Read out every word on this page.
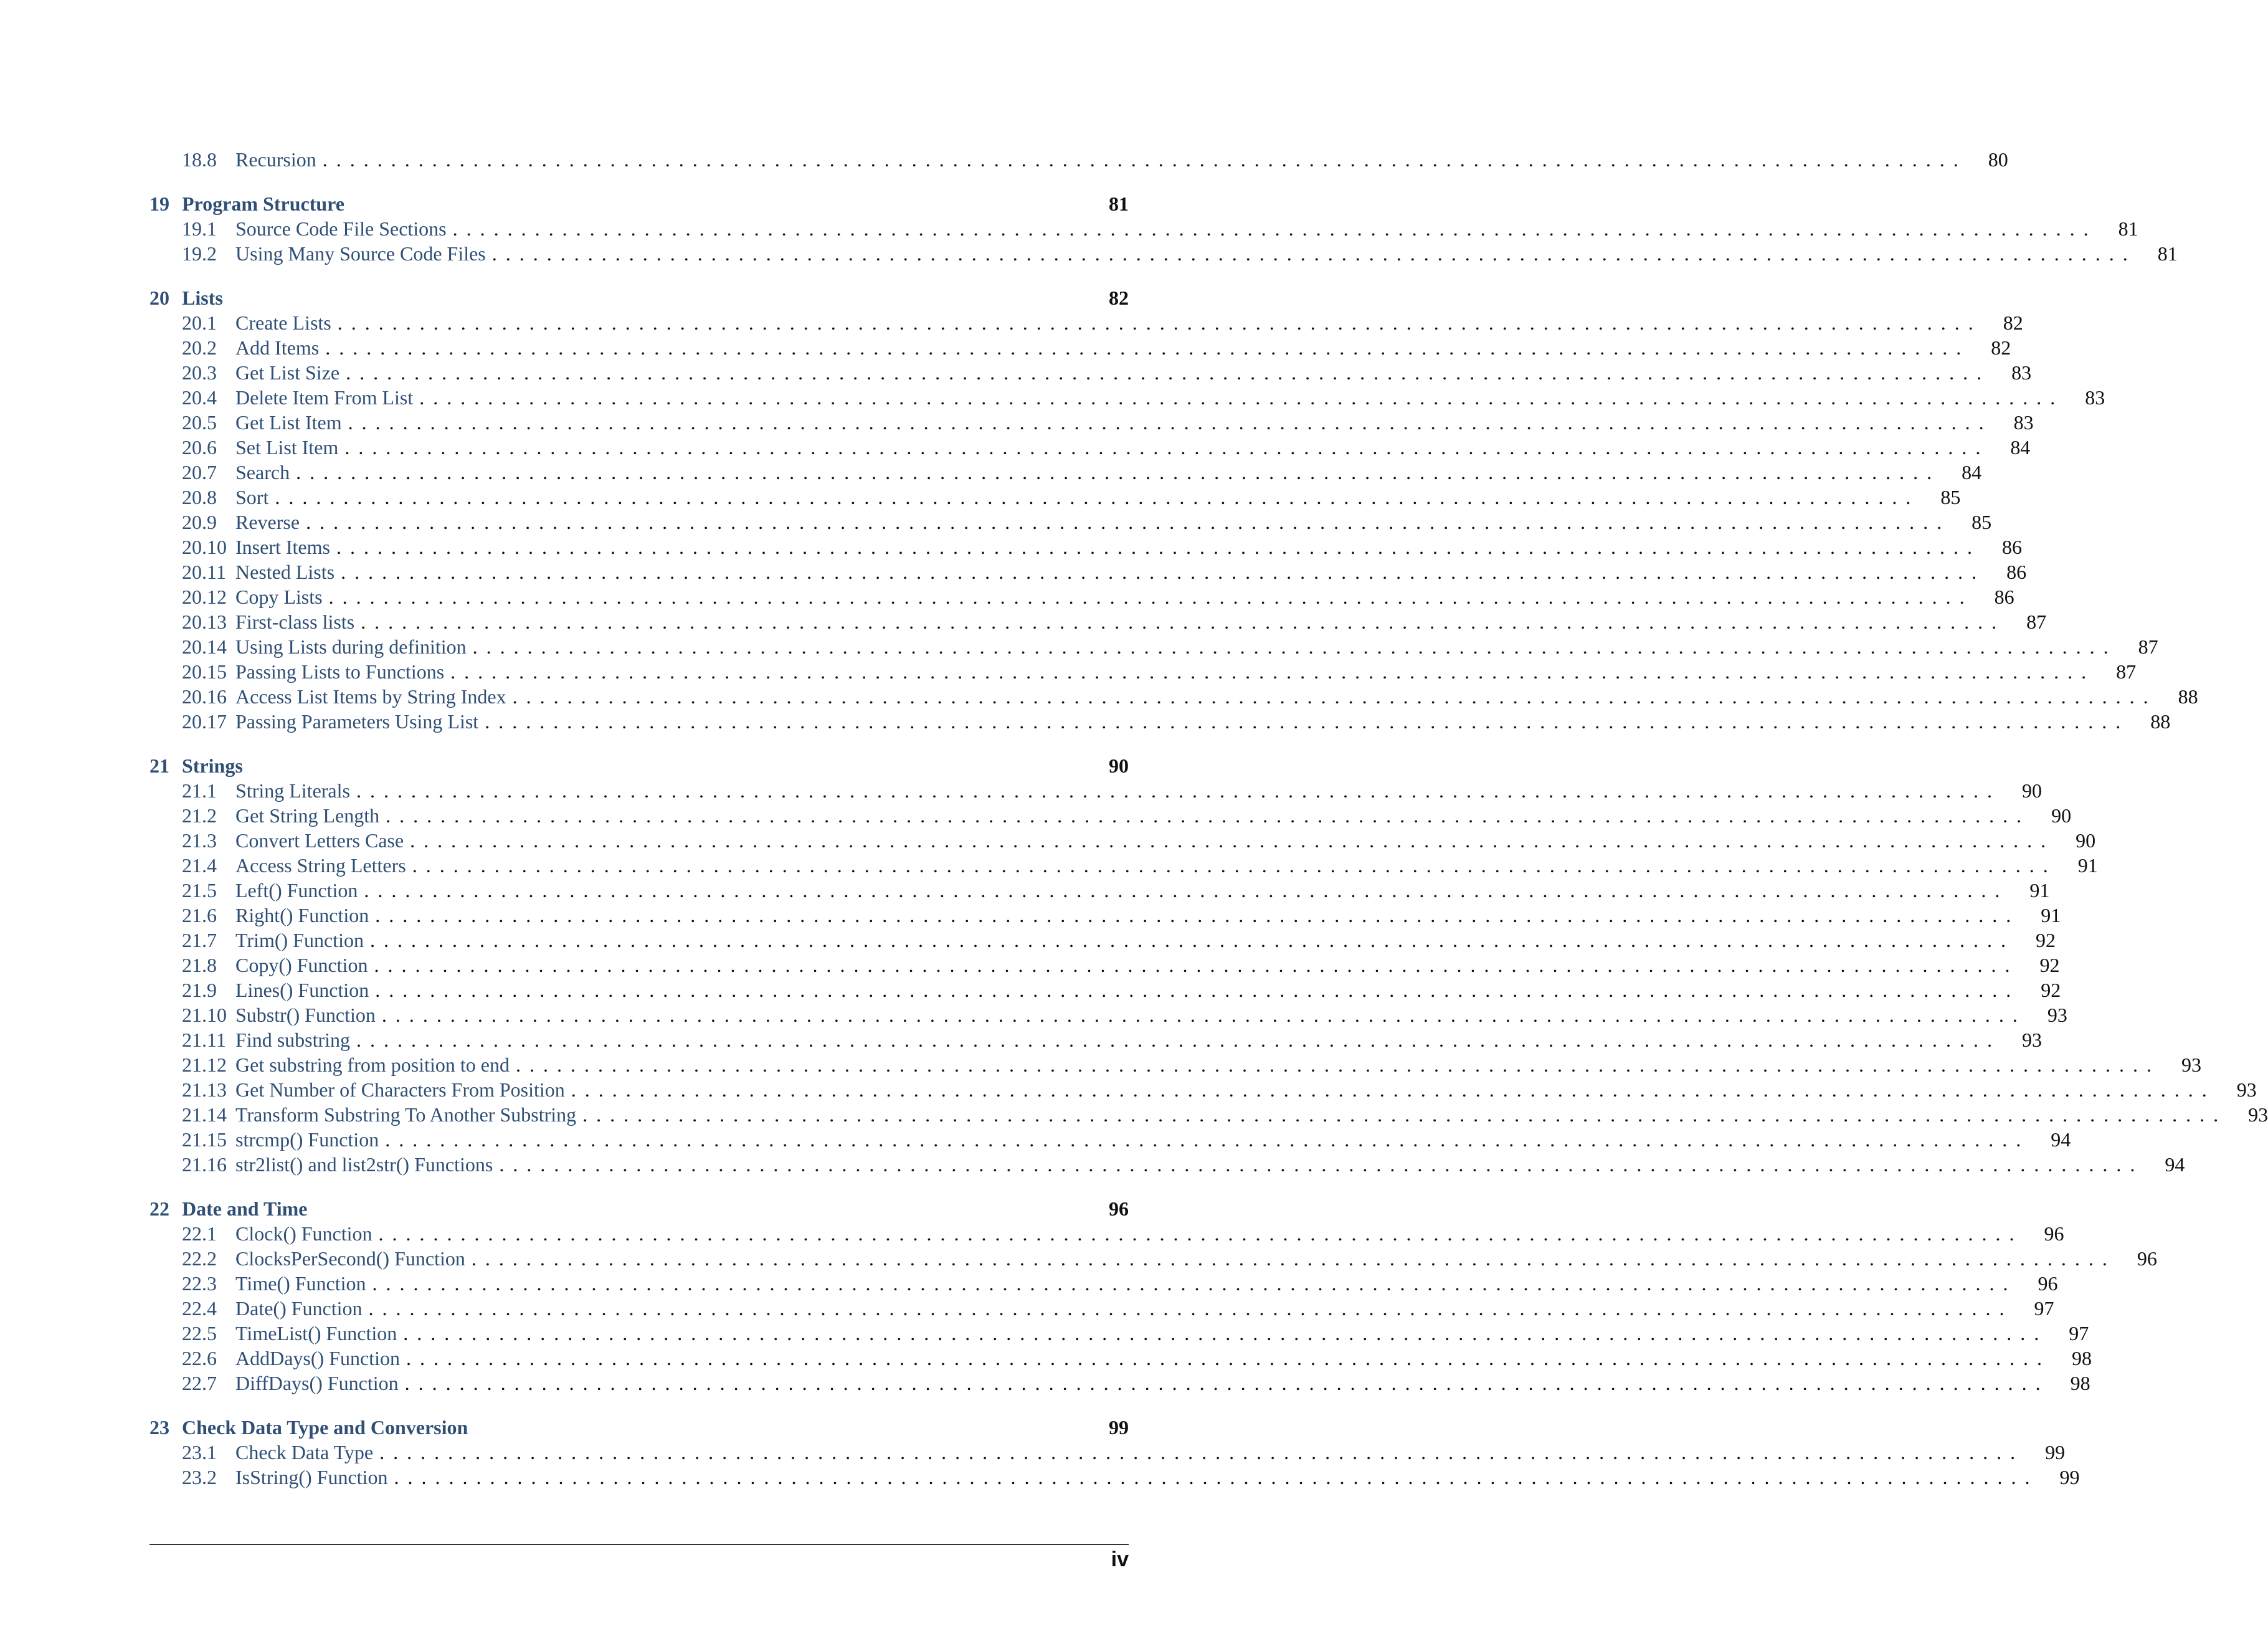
18.8 Recursion ........................................................................................................................	80
19 Program Structure	81
19.1 Source Code File Sections ........................................................................................................................	81
19.2 Using Many Source Code Files ........................................................................................................................	81
20 Lists	82
20.1 Create Lists ........................................................................................................................	82
20.2 Add Items ........................................................................................................................	82
20.3 Get List Size ........................................................................................................................	83
20.4 Delete Item From List ........................................................................................................................	83
20.5 Get List Item ........................................................................................................................	83
20.6 Set List Item ........................................................................................................................	84
20.7 Search ........................................................................................................................	84
20.8 Sort ........................................................................................................................	85
20.9 Reverse ........................................................................................................................	85
20.10 Insert Items ........................................................................................................................	86
20.11 Nested Lists ........................................................................................................................	86
20.12 Copy Lists ........................................................................................................................	86
20.13 First-class lists ........................................................................................................................	87
20.14 Using Lists during definition ........................................................................................................................	87
20.15 Passing Lists to Functions ........................................................................................................................	87
20.16 Access List Items by String Index ........................................................................................................................	88
20.17 Passing Parameters Using List ........................................................................................................................	88
21 Strings	90
21.1 String Literals ........................................................................................................................	90
21.2 Get String Length ........................................................................................................................	90
21.3 Convert Letters Case ........................................................................................................................	90
21.4 Access String Letters ........................................................................................................................	91
21.5 Left() Function ........................................................................................................................	91
21.6 Right() Function ........................................................................................................................	91
21.7 Trim() Function ........................................................................................................................	92
21.8 Copy() Function ........................................................................................................................	92
21.9 Lines() Function ........................................................................................................................	92
21.10 Substr() Function ........................................................................................................................	93
21.11 Find substring ........................................................................................................................	93
21.12 Get substring from position to end ........................................................................................................................	93
21.13 Get Number of Characters From Position ........................................................................................................................	93
21.14 Transform Substring To Another Substring ........................................................................................................................	93
21.15 strcmp() Function ........................................................................................................................	94
21.16 str2list() and list2str() Functions ........................................................................................................................	94
22 Date and Time	96
22.1 Clock() Function ........................................................................................................................	96
22.2 ClocksPerSecond() Function ........................................................................................................................	96
22.3 Time() Function ........................................................................................................................	96
22.4 Date() Function ........................................................................................................................	97
22.5 TimeList() Function ........................................................................................................................	97
22.6 AddDays() Function ........................................................................................................................	98
22.7 DiffDays() Function ........................................................................................................................	98
23 Check Data Type and Conversion	99
23.1 Check Data Type ........................................................................................................................	99
23.2 IsString() Function ........................................................................................................................	99
iv
